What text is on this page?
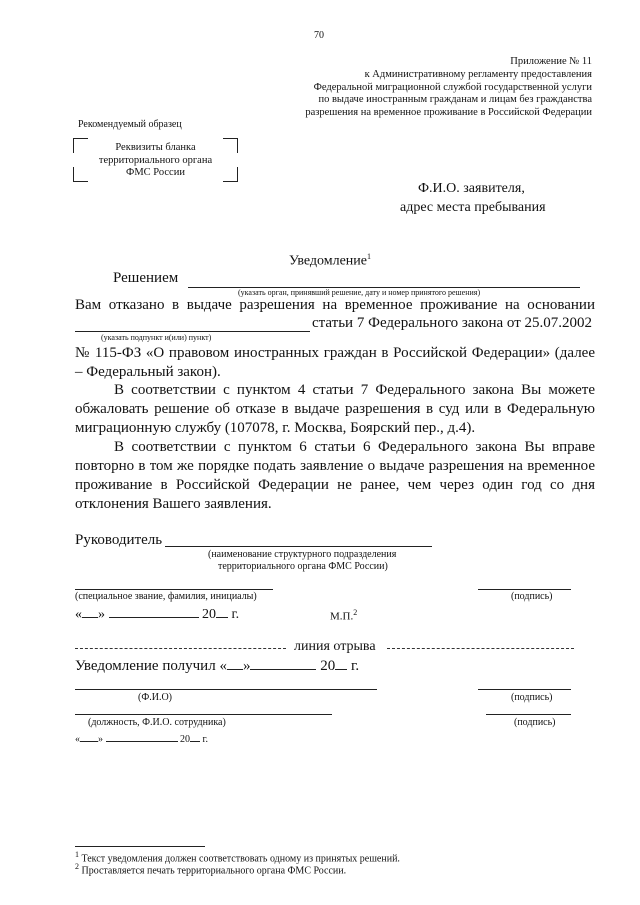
70
Приложение № 11
к Административному регламенту предоставления
Федеральной миграционной службой государственной услуги
по выдаче иностранным гражданам и лицам без гражданства
разрешения на временное проживание в Российской Федерации
Рекомендуемый образец
Реквизиты бланка
территориального органа
ФМС России
Ф.И.О. заявителя,
адрес места пребывания
Уведомление$^1$
Решением
(указать орган, принявший решение, дату и номер принятого решения)
Вам отказано в выдаче разрешения на временное проживание на основании
статьи 7 Федерального закона от 25.07.2002
(указать подпункт и(или) пункт)
№ 115-ФЗ «О правовом иностранных граждан в Российской Федерации» (далее – Федеральный закон).
В соответствии с пунктом 4 статьи 7 Федерального закона Вы можете обжаловать решение об отказе в выдаче разрешения в суд или в Федеральную миграционную службу (107078, г. Москва, Боярский пер., д.4).
В соответствии с пунктом 6 статьи 6 Федерального закона Вы вправе повторно в том же порядке подать заявление о выдаче разрешения на временное проживание в Российской Федерации не ранее, чем через один год со дня отклонения Вашего заявления.
Руководитель
(наименование структурного подразделения
территориального органа ФМС России)
(специальное звание, фамилия, инициалы)	(подпись)
« »	20 г.	М.П.$^2$
линия отрыва
Уведомление получил « »	20 г.
(Ф.И.О)	(подпись)
(должность, Ф.И.О. сотрудника)	(подпись)
« »	20 г.
$^1$ Текст уведомления должен соответствовать одному из принятых решений.
$^2$ Проставляется печать территориального органа ФМС России.
